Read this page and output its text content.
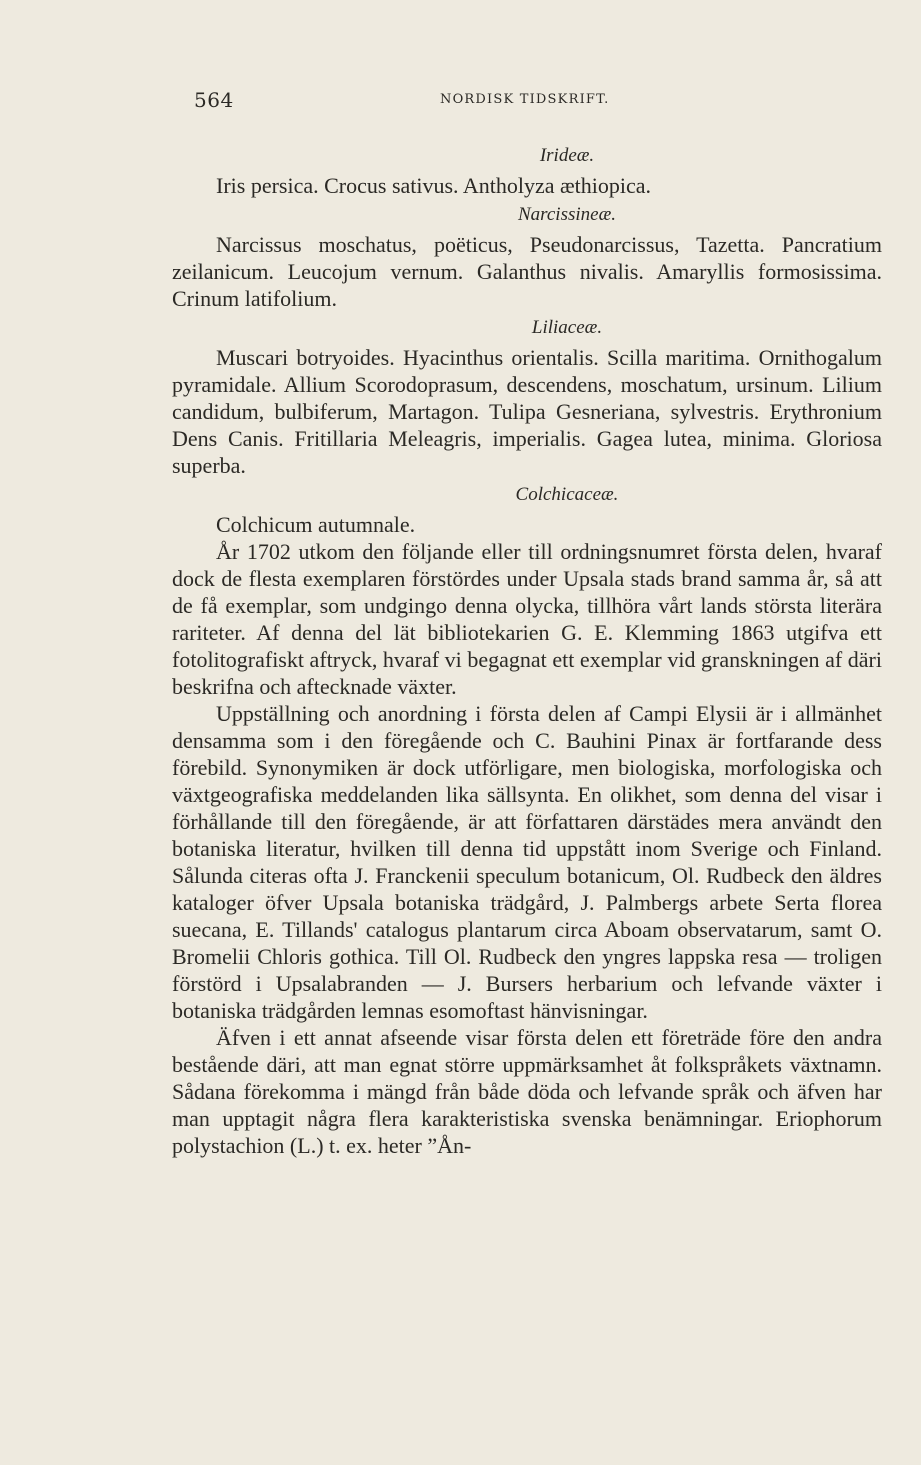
564	NORDISK TIDSKRIFT.
Irideæ.

Iris persica. Crocus sativus. Antholyza æthiopica.

Narcissineæ.

Narcissus moschatus, poëticus, Pseudonarcissus, Tazetta. Pancratium zeilanicum. Leucojum vernum. Galanthus nivalis. Amaryllis formosissima. Crinum latifolium.

Liliaceæ.

Muscari botryoides. Hyacinthus orientalis. Scilla maritima. Ornithogalum pyramidale. Allium Scorodoprasum, descendens, moschatum, ursinum. Lilium candidum, bulbiferum, Martagon. Tulipa Gesneriana, sylvestris. Erythronium Dens Canis. Fritillaria Meleagris, imperialis. Gagea lutea, minima. Gloriosa superba.

Colchicaceæ.

Colchicum autumnale.

År 1702 utkom den följande eller till ordningsnumret första delen, hvaraf dock de flesta exemplaren förstördes under Upsala stads brand samma år, så att de få exemplar, som undgingo denna olycka, tillhöra vårt lands största literära rariteter. Af denna del lät bibliotekarien G. E. Klemming 1863 utgifva ett fotolitografiskt aftryck, hvaraf vi begagnat ett exemplar vid granskningen af däri beskrifna och aftecknade växter.

Uppställning och anordning i första delen af Campi Elysii är i allmänhet densamma som i den föregående och C. Bauhini Pinax är fortfarande dess förebild. Synonymiken är dock utförligare, men biologiska, morfologiska och växtgeografiska meddelanden lika sällsynta. En olikhet, som denna del visar i förhållande till den föregående, är att författaren därstädes mera användt den botaniska literatur, hvilken till denna tid uppstått inom Sverige och Finland. Sålunda citeras ofta J. Franckenii speculum botanicum, Ol. Rudbeck den äldres kataloger öfver Upsala botaniska trädgård, J. Palmbergs arbete Serta florea suecana, E. Tillands' catalogus plantarum circa Aboam observatarum, samt O. Bromelii Chloris gothica. Till Ol. Rudbeck den yngres lappska resa — troligen förstörd i Upsalabranden — J. Bursers herbarium och lefvande växter i botaniska trädgården lemnas esomoftast hänvisningar.

Äfven i ett annat afseende visar första delen ett företräde före den andra bestående däri, att man egnat större uppmärksamhet åt folkspråkets växtnamn. Sådana förekomma i mängd från både döda och lefvande språk och äfven har man upptagit några flera karakteristiska svenska benämningar. Eriophorum polystachion (L.) t. ex. heter ”Ån-
